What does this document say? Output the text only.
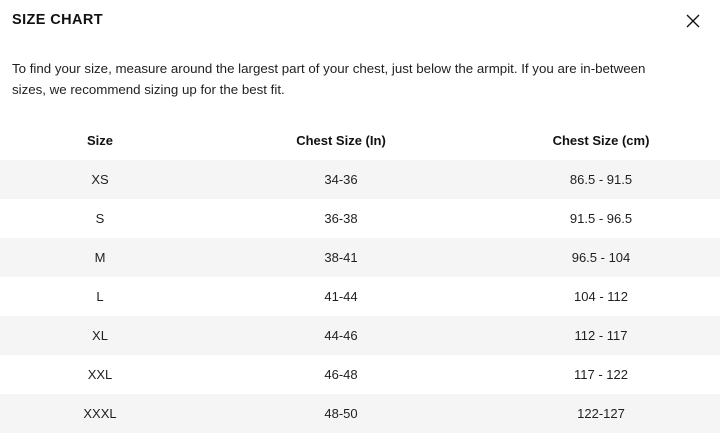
SIZE CHART

To find your size, measure around the largest part of your chest, just below the armpit. If you are in-between sizes, we recommend sizing up for the best fit.

Size	Chest Size (In)	Chest Size (cm)
XS	34-36	86.5 - 91.5
S	36-38	91.5 - 96.5
M	38-41	96.5 - 104
L	41-44	104 - 112
XL	44-46	112 - 117
XXL	46-48	117 - 122
XXXL	48-50	122-127
